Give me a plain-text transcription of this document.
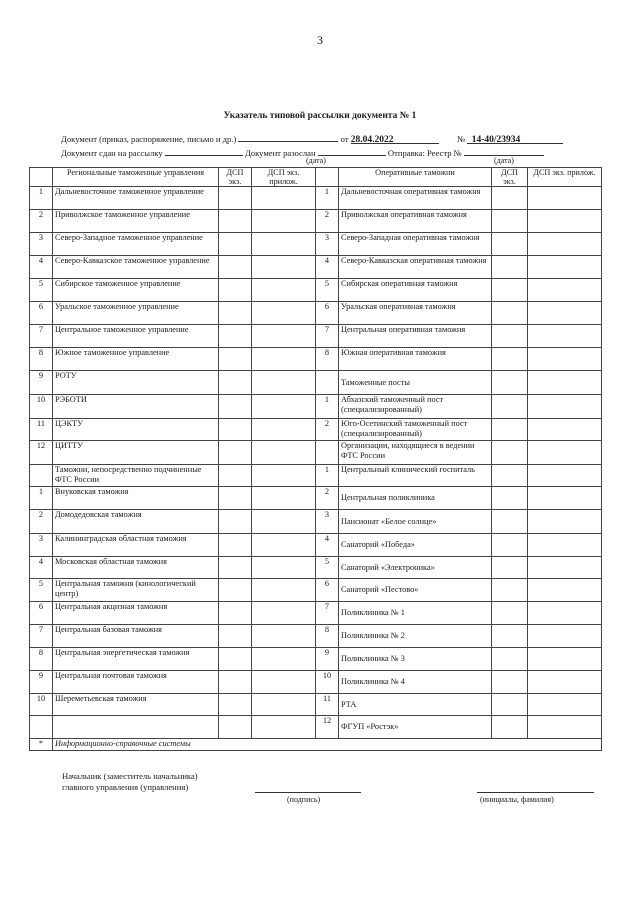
3
Указатель типовой рассылки документа № 1
Документ (приказ, распоряжение, письмо и др.)	от 28.04.2022	№ 14-40/23934
Документ сдан на рассылку	Документ разослан	Отправка: Реестр №
(дата)	(дата)
	Региональные таможенные управления	ДСП экз.	ДСП экз. прилож.		Оперативные таможни	ДСП экз.	ДСП экз. прилож.
1	Дальневосточное таможенное управление			1	Дальневосточная оперативная таможня		
2	Приволжское таможенное управление			2	Приволжская оперативная таможня		
3	Северо-Западное таможенное управление			3	Северо-Западная оперативная таможня		
4	Северо-Кавказское таможенное управление			4	Северо-Кавказская оперативная таможня		
5	Сибирское таможенное управление			5	Сибирская оперативная таможня		
6	Уральское таможенное управление			6	Уральская оперативная таможня		
7	Центральное таможенное управление			7	Центральная оперативная таможня		
8	Южное таможенное управление			8	Южная оперативная таможня		
9	РОТУ				Таможенные посты		
10	РЭБОТИ			1	Абхазский таможенный пост (специализированный)		
11	ЦЭКТУ			2	Юго-Осетинский таможенный пост (специализированный)		
12	ЦИТТУ				Организации, находящиеся в ведении ФТС России		
	Таможни, непосредственно подчиненные ФТС России			1	Центральный клинический госпиталь		
1	Внуковская таможня			2	Центральная поликлиника		
2	Домодедовская таможня			3	Пансионат «Белое солнце»		
3	Калининградская областная таможня			4	Санаторий «Победа»		
4	Московская областная таможня			5	Санаторий «Электроника»		
5	Центральная таможня (кинологический центр)			6	Санаторий «Пестово»		
6	Центральная акцизная таможня			7	Поликлиника № 1		
7	Центральная базовая таможня			8	Поликлиника № 2		
8	Центральная энергетическая таможня			9	Поликлиника № 3		
9	Центральная почтовая таможня			10	Поликлиника № 4		
10	Шереметьевская таможня			11	РТА		
				12	ФГУП «Ростэк»		
*	Информационно-справочные системы						
Начальник (заместитель начальника)
главного управления (управления)
(подпись)	(инициалы, фамилия)
